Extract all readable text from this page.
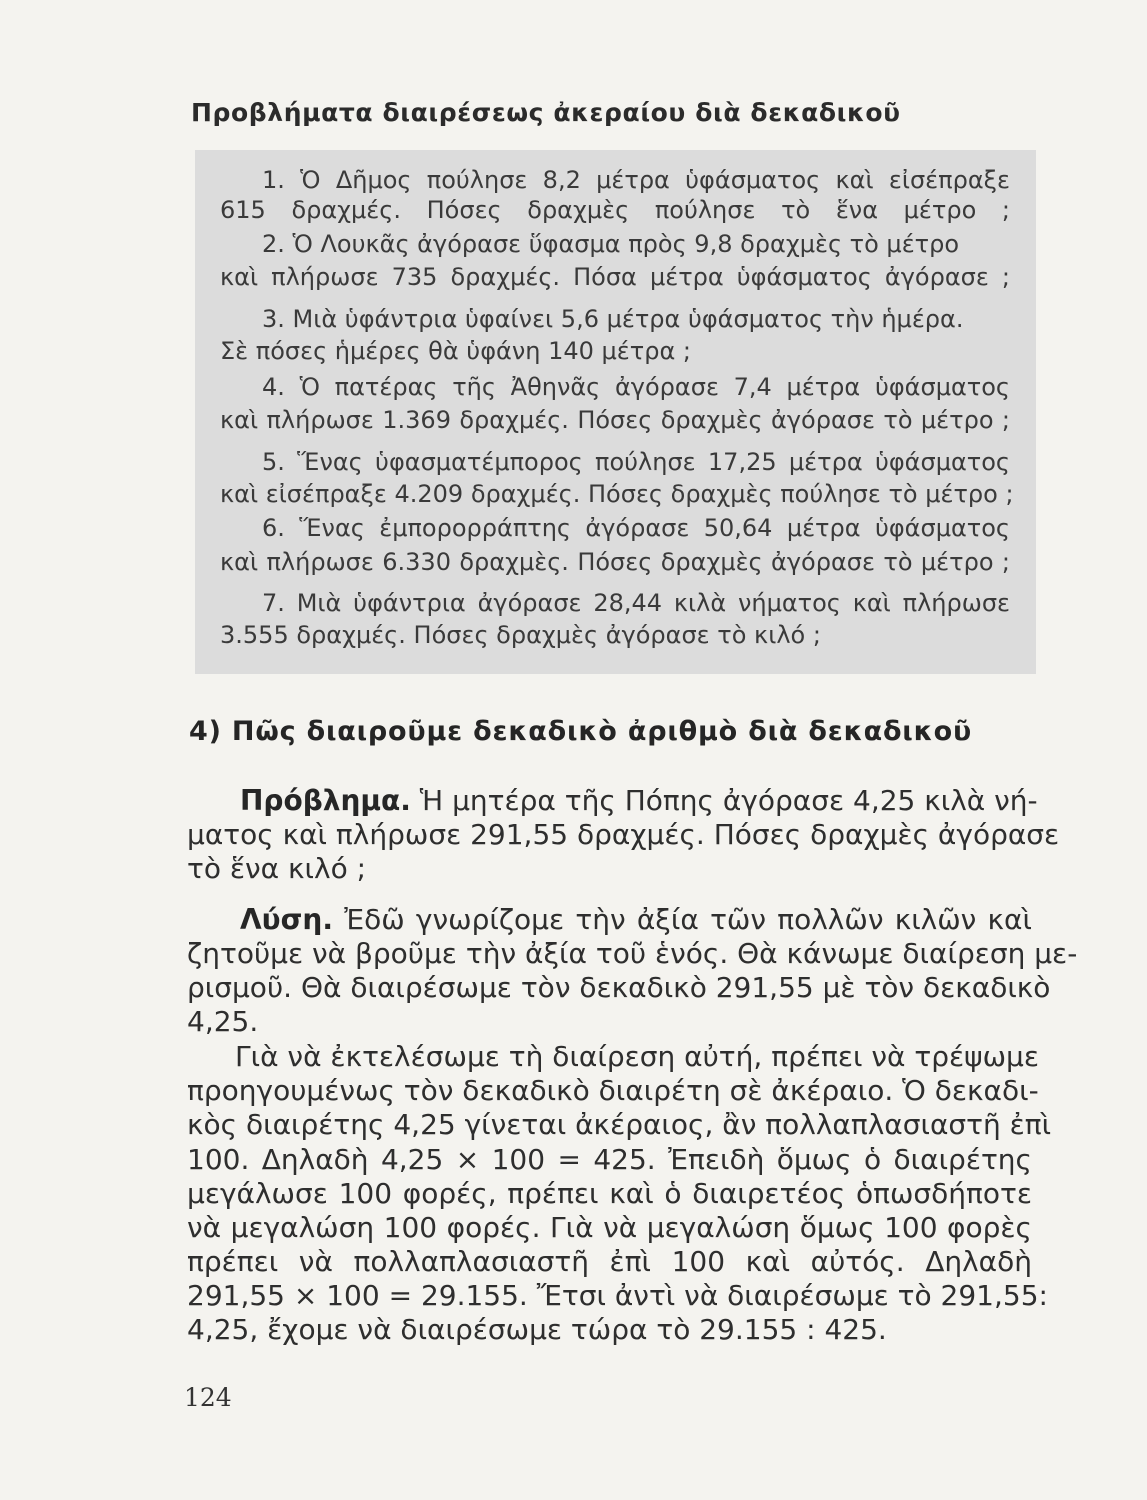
Προβλήματα διαιρέσεως ἀκεραίου διὰ δεκαδικοῦ
1. Ὁ Δῆμος πούλησε 8,2 μέτρα ὑφάσματος καὶ εἰσέπραξε
615 δραχμές. Πόσες δραχμὲς πούλησε τὸ ἕνα μέτρο ;
2. Ὁ Λουκᾶς ἀγόρασε ὕφασμα πρὸς 9,8 δραχμὲς τὸ μέτρο
καὶ πλήρωσε 735 δραχμές. Πόσα μέτρα ὑφάσματος ἀγόρασε ;
3. Μιὰ ὑφάντρια ὑφαίνει 5,6 μέτρα ὑφάσματος τὴν ἡμέρα.
Σὲ πόσες ἡμέρες θὰ ὑφάνη 140 μέτρα ;
4. Ὁ πατέρας τῆς Ἀθηνᾶς ἀγόρασε 7,4 μέτρα ὑφάσματος
καὶ πλήρωσε 1.369 δραχμές. Πόσες δραχμὲς ἀγόρασε τὸ μέτρο ;
5. Ἕνας ὑφασματέμπορος πούλησε 17,25 μέτρα ὑφάσματος
καὶ εἰσέπραξε 4.209 δραχμές. Πόσες δραχμὲς πούλησε τὸ μέτρο ;
6. Ἕνας ἐμπορορράπτης ἀγόρασε 50,64 μέτρα ὑφάσματος
καὶ πλήρωσε 6.330 δραχμὲς. Πόσες δραχμὲς ἀγόρασε τὸ μέτρο ;
7. Μιὰ ὑφάντρια ἀγόρασε 28,44 κιλὰ νήματος καὶ πλήρωσε
3.555 δραχμές. Πόσες δραχμὲς ἀγόρασε τὸ κιλό ;
4) Πῶς διαιροῦμε δεκαδικὸ ἀριθμὸ διὰ δεκαδικοῦ
Πρόβλημα. Ἡ μητέρα τῆς Πόπης ἀγόρασε 4,25 κιλὰ νή-
ματος καὶ πλήρωσε 291,55 δραχμές. Πόσες δραχμὲς ἀγόρασε
τὸ ἕνα κιλό ;
Λύση. Ἐδῶ γνωρίζομε τὴν ἀξία τῶν πολλῶν κιλῶν καὶ
ζητοῦμε νὰ βροῦμε τὴν ἀξία τοῦ ἑνός. Θὰ κάνωμε διαίρεση με-
ρισμοῦ. Θὰ διαιρέσωμε τὸν δεκαδικὸ 291,55 μὲ τὸν δεκαδικὸ
4,25.
Γιὰ νὰ ἐκτελέσωμε τὴ διαίρεση αὐτή, πρέπει νὰ τρέψωμε
προηγουμένως τὸν δεκαδικὸ διαιρέτη σὲ ἀκέραιο. Ὁ δεκαδι-
κὸς διαιρέτης 4,25 γίνεται ἀκέραιος, ἂν πολλαπλασιαστῆ ἐπὶ
100. Δηλαδὴ 4,25 × 100 = 425. Ἐπειδὴ ὅμως ὁ διαιρέτης
μεγάλωσε 100 φορές, πρέπει καὶ ὁ διαιρετέος ὁπωσδήποτε
νὰ μεγαλώση 100 φορές. Γιὰ νὰ μεγαλώση ὅμως 100 φορὲς
πρέπει νὰ πολλαπλασιαστῆ ἐπὶ 100 καὶ αὐτός. Δηλαδὴ
291,55 × 100 = 29.155. Ἔτσι ἀντὶ νὰ διαιρέσωμε τὸ 291,55:
4,25, ἔχομε νὰ διαιρέσωμε τώρα τὸ 29.155 : 425.
124
